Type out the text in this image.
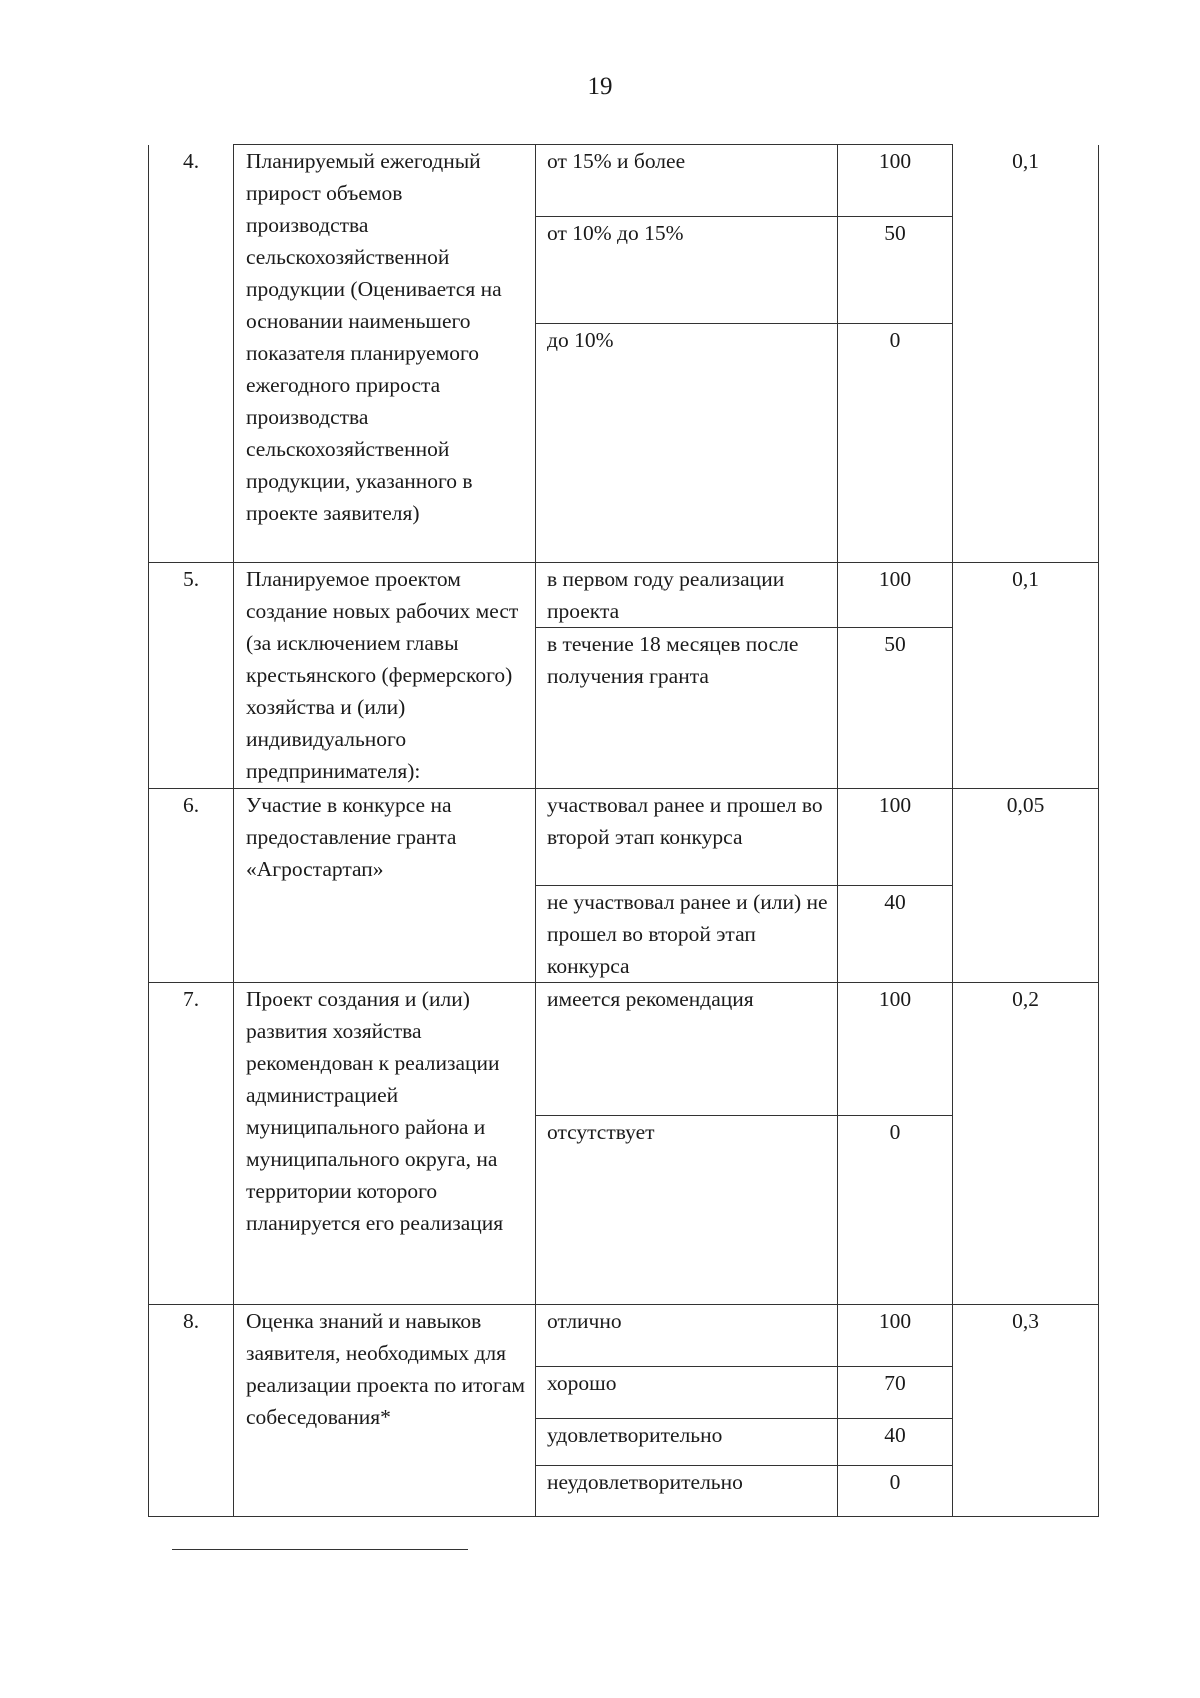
19
4.	Планируемый ежегодный прирост объемов производства сельскохозяйственной продукции (Оценивается на основании наименьшего показателя планируемого ежегодного прироста производства сельскохозяйственной продукции, указанного в проекте заявителя)	от 15% и более	100	0,1

		от 10% до 15%	50	

		до 10%	0	

5.	Планируемое проектом создание новых рабочих мест (за исключением главы крестьянского (фермерского) хозяйства и (или) индивидуального предпринимателя):	в первом году реализации проекта	100	0,1

		в течение 18 месяцев после получения гранта	50	

6.	Участие в конкурсе на предоставление гранта «Агростартап»	участвовал ранее и прошел во второй этап конкурса	100	0,05

		не участвовал ранее и (или) не прошел во второй этап конкурса	40	

7.	Проект создания и (или) развития хозяйства рекомендован к реализации администрацией муниципального района и муниципального округа, на территории которого планируется его реализация	имеется рекомендация	100	0,2

		отсутствует	0	

8.	Оценка знаний и навыков заявителя, необходимых для реализации проекта по итогам собеседования*	отлично	100	0,3

		хорошо	70	

		удовлетворительно	40	

		неудовлетворительно	0	
